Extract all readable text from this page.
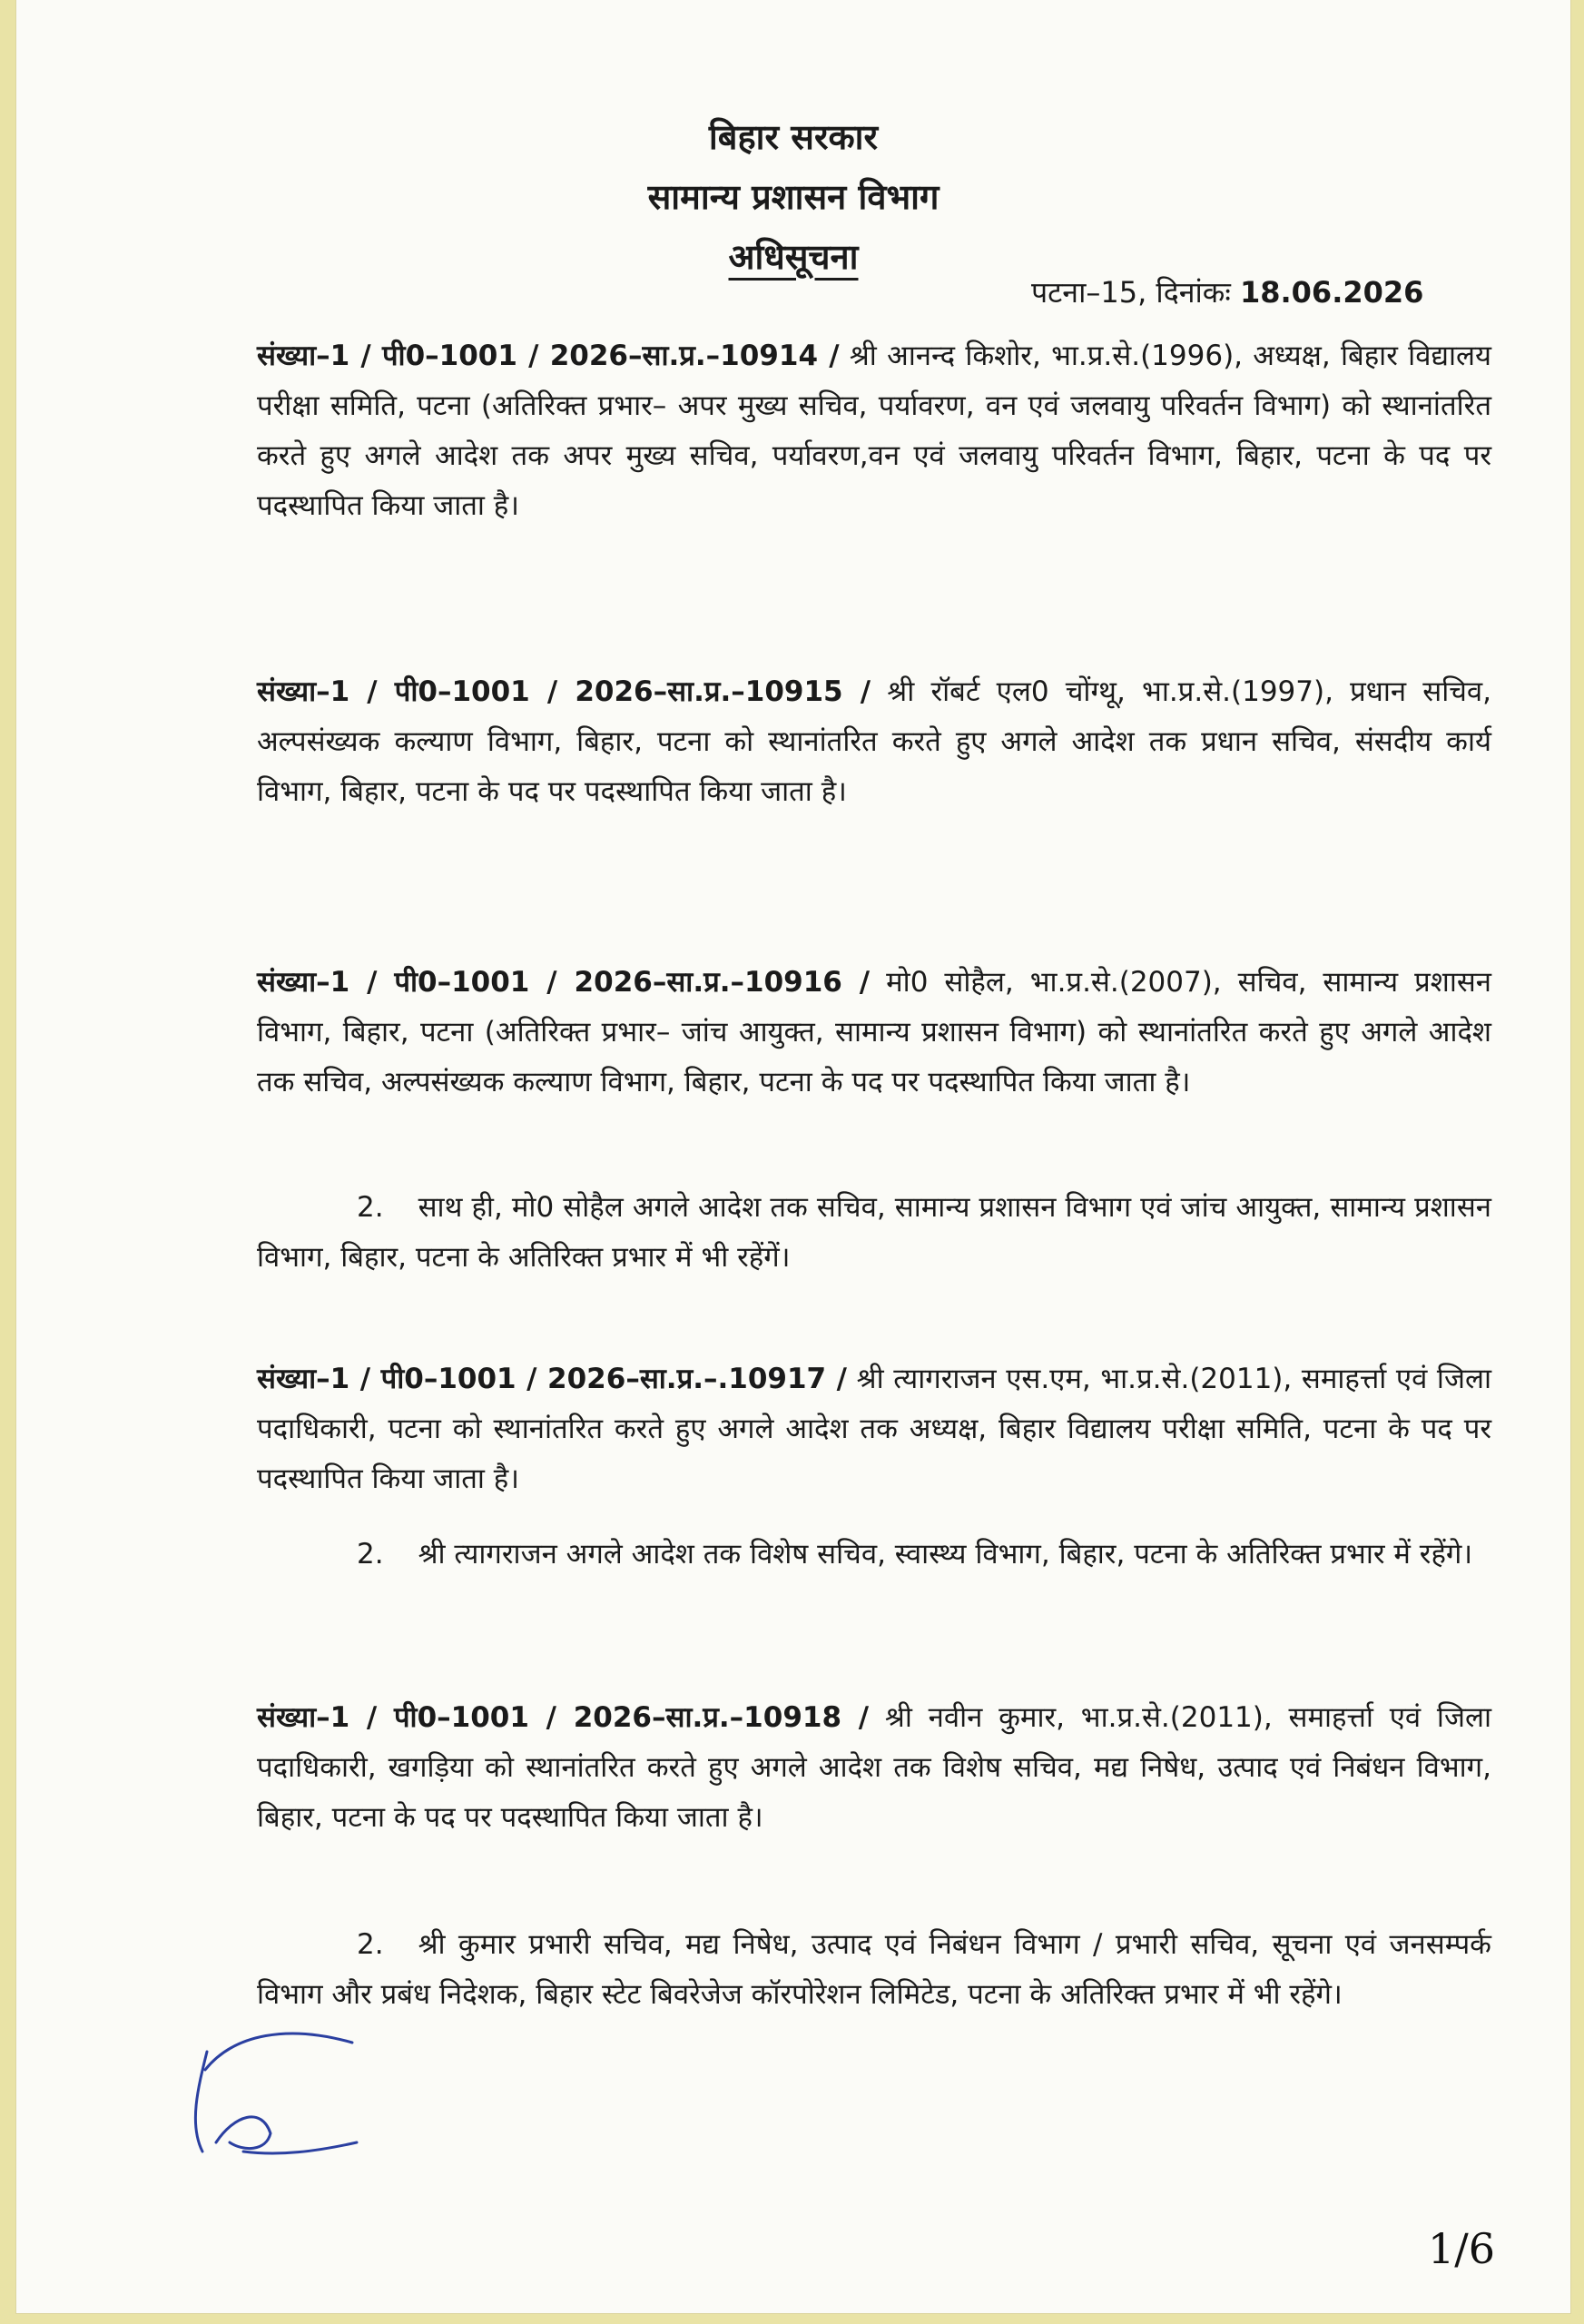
बिहार सरकार
सामान्य प्रशासन विभाग
अधिसूचना
पटना–15, दिनांकः 18.06.2026
संख्या–1 / पी0–1001 / 2026–सा.प्र.–10914 / श्री आनन्द किशोर, भा.प्र.से.(1996), अध्यक्ष, बिहार विद्यालय परीक्षा समिति, पटना (अतिरिक्त प्रभार– अपर मुख्य सचिव, पर्यावरण, वन एवं जलवायु परिवर्तन विभाग) को स्थानांतरित करते हुए अगले आदेश तक अपर मुख्य सचिव, पर्यावरण,वन एवं जलवायु परिवर्तन विभाग, बिहार, पटना के पद पर पदस्थापित किया जाता है।
संख्या–1 / पी0–1001 / 2026–सा.प्र.–10915 / श्री रॉबर्ट एल0 चोंग्थू, भा.प्र.से.(1997), प्रधान सचिव, अल्पसंख्यक कल्याण विभाग, बिहार, पटना को स्थानांतरित करते हुए अगले आदेश तक प्रधान सचिव, संसदीय कार्य विभाग, बिहार, पटना के पद पर पदस्थापित किया जाता है।
संख्या–1 / पी0–1001 / 2026–सा.प्र.–10916 / मो0 सोहैल, भा.प्र.से.(2007), सचिव, सामान्य प्रशासन विभाग, बिहार, पटना (अतिरिक्त प्रभार– जांच आयुक्त, सामान्य प्रशासन विभाग) को स्थानांतरित करते हुए अगले आदेश तक सचिव, अल्पसंख्यक कल्याण विभाग, बिहार, पटना के पद पर पदस्थापित किया जाता है।
2. साथ ही, मो0 सोहैल अगले आदेश तक सचिव, सामान्य प्रशासन विभाग एवं जांच आयुक्त, सामान्य प्रशासन विभाग, बिहार, पटना के अतिरिक्त प्रभार में भी रहेंगें।
संख्या–1 / पी0–1001 / 2026–सा.प्र.–.10917 / श्री त्यागराजन एस.एम, भा.प्र.से.(2011), समाहर्त्ता एवं जिला पदाधिकारी, पटना को स्थानांतरित करते हुए अगले आदेश तक अध्यक्ष, बिहार विद्यालय परीक्षा समिति, पटना के पद पर पदस्थापित किया जाता है।
2. श्री त्यागराजन अगले आदेश तक विशेष सचिव, स्वास्थ्य विभाग, बिहार, पटना के अतिरिक्त प्रभार में रहेंगे।
संख्या–1 / पी0–1001 / 2026–सा.प्र.–10918 / श्री नवीन कुमार, भा.प्र.से.(2011), समाहर्त्ता एवं जिला पदाधिकारी, खगड़िया को स्थानांतरित करते हुए अगले आदेश तक विशेष सचिव, मद्य निषेध, उत्पाद एवं निबंधन विभाग, बिहार, पटना के पद पर पदस्थापित किया जाता है।
2. श्री कुमार प्रभारी सचिव, मद्य निषेध, उत्पाद एवं निबंधन विभाग / प्रभारी सचिव, सूचना एवं जनसम्पर्क विभाग और प्रबंध निदेशक, बिहार स्टेट बिवरेजेज कॉरपोरेशन लिमिटेड, पटना के अतिरिक्त प्रभार में भी रहेंगे।
1/6
